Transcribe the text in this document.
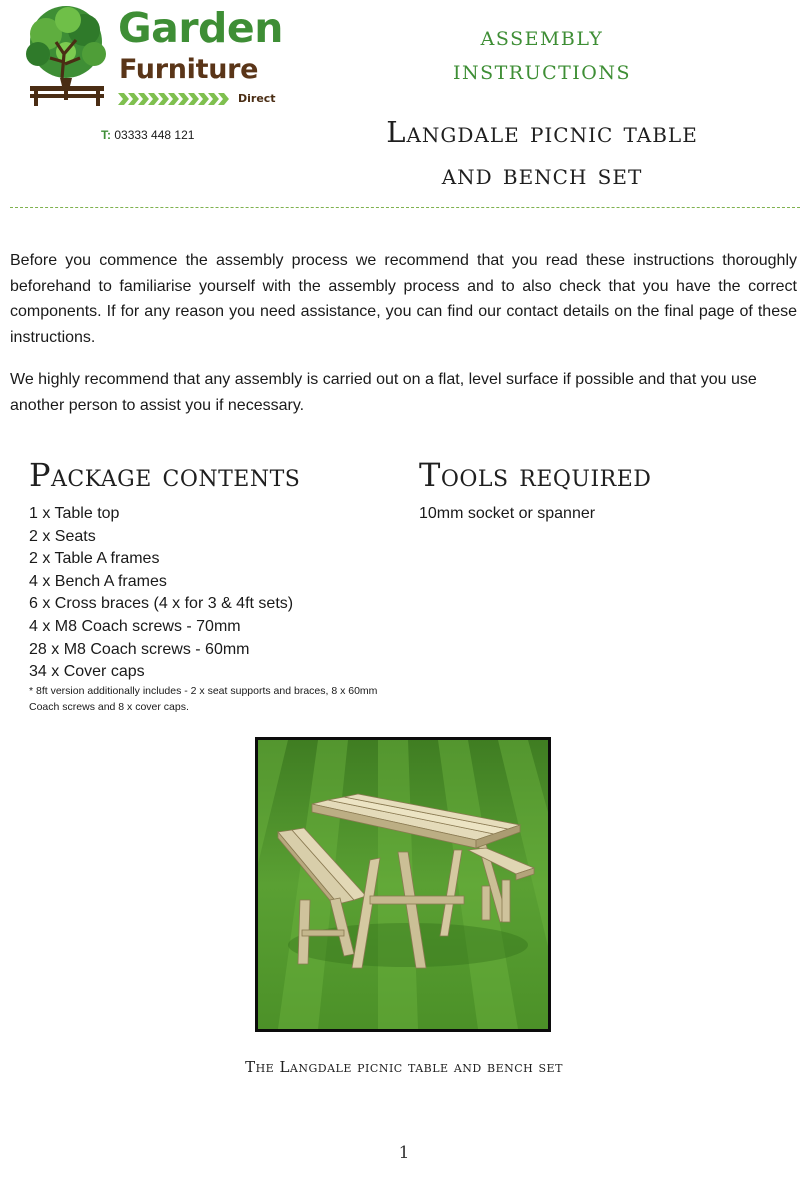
Garden
Furniture
Direct
T: 03333 448 121
assembly
instructions
Langdale picnic table
and bench set

Before you commence the assembly process we recommend that you read these instructions thoroughly beforehand to familiarise yourself with the assembly process and to also check that you have the correct components. If for any reason you need assistance, you can find our contact details on the final page of these instructions.

We highly recommend that any assembly is carried out on a flat, level surface if possible and that you use another person to assist you if necessary.

Package contents	Tools required
1 x Table top
2 x Seats
2 x Table A frames
4 x Bench A frames
6 x Cross braces (4 x for 3 & 4ft sets)
4 x M8 Coach screws - 70mm
28 x M8 Coach screws - 60mm
34 x Cover caps
* 8ft version additionally includes - 2 x seat supports and braces, 8 x 60mm Coach screws and 8 x cover caps.
10mm socket or spanner
The Langdale picnic table and bench set
1
